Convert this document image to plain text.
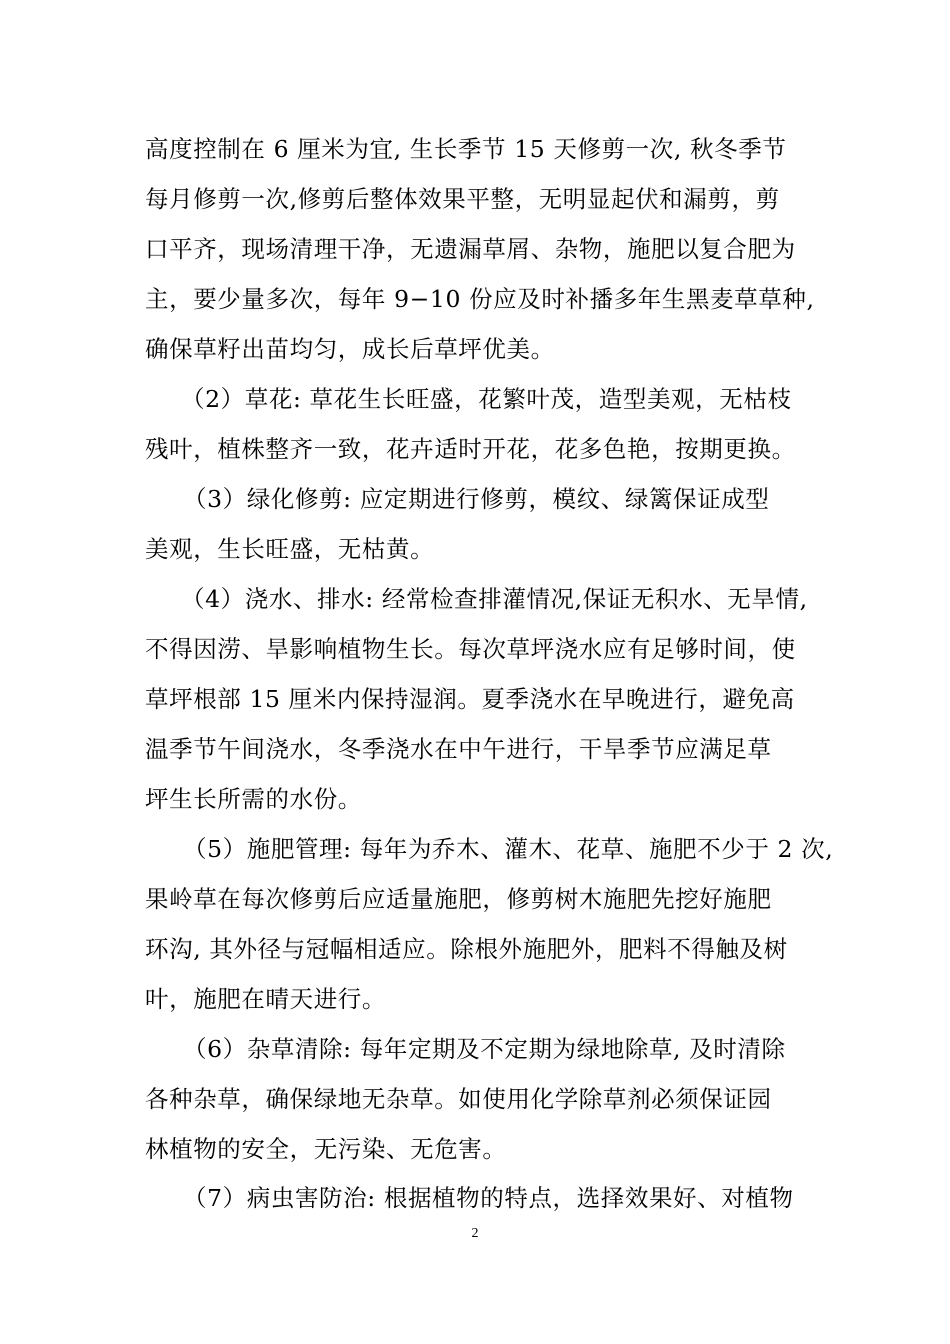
高度控制在 6 厘米为宜, 生长季节 15 天修剪一次, 秋冬季节
每月修剪一次,修剪后整体效果平整，无明显起伏和漏剪，剪
口平齐，现场清理干净，无遗漏草屑、杂物，施肥以复合肥为
主，要少量多次，每年 9−10 份应及时补播多年生黑麦草草种,
确保草籽出苗均匀，成长后草坪优美。
（2）草花: 草花生长旺盛，花繁叶茂，造型美观，无枯枝
残叶，植株整齐一致，花卉适时开花，花多色艳，按期更换。
（3）绿化修剪: 应定期进行修剪，模纹、绿篱保证成型
美观，生长旺盛，无枯黄。
（4）浇水、排水: 经常检查排灌情况,保证无积水、无旱情,
不得因涝、旱影响植物生长。每次草坪浇水应有足够时间，使
草坪根部 15 厘米内保持湿润。夏季浇水在早晚进行，避免高
温季节午间浇水，冬季浇水在中午进行，干旱季节应满足草
坪生长所需的水份。
（5）施肥管理: 每年为乔木、灌木、花草、施肥不少于 2 次,
果岭草在每次修剪后应适量施肥，修剪树木施肥先挖好施肥
环沟, 其外径与冠幅相适应。除根外施肥外，肥料不得触及树
叶，施肥在晴天进行。
（6）杂草清除: 每年定期及不定期为绿地除草, 及时清除
各种杂草，确保绿地无杂草。如使用化学除草剂必须保证园
林植物的安全，无污染、无危害。
（7）病虫害防治: 根据植物的特点，选择效果好、对植物
2
